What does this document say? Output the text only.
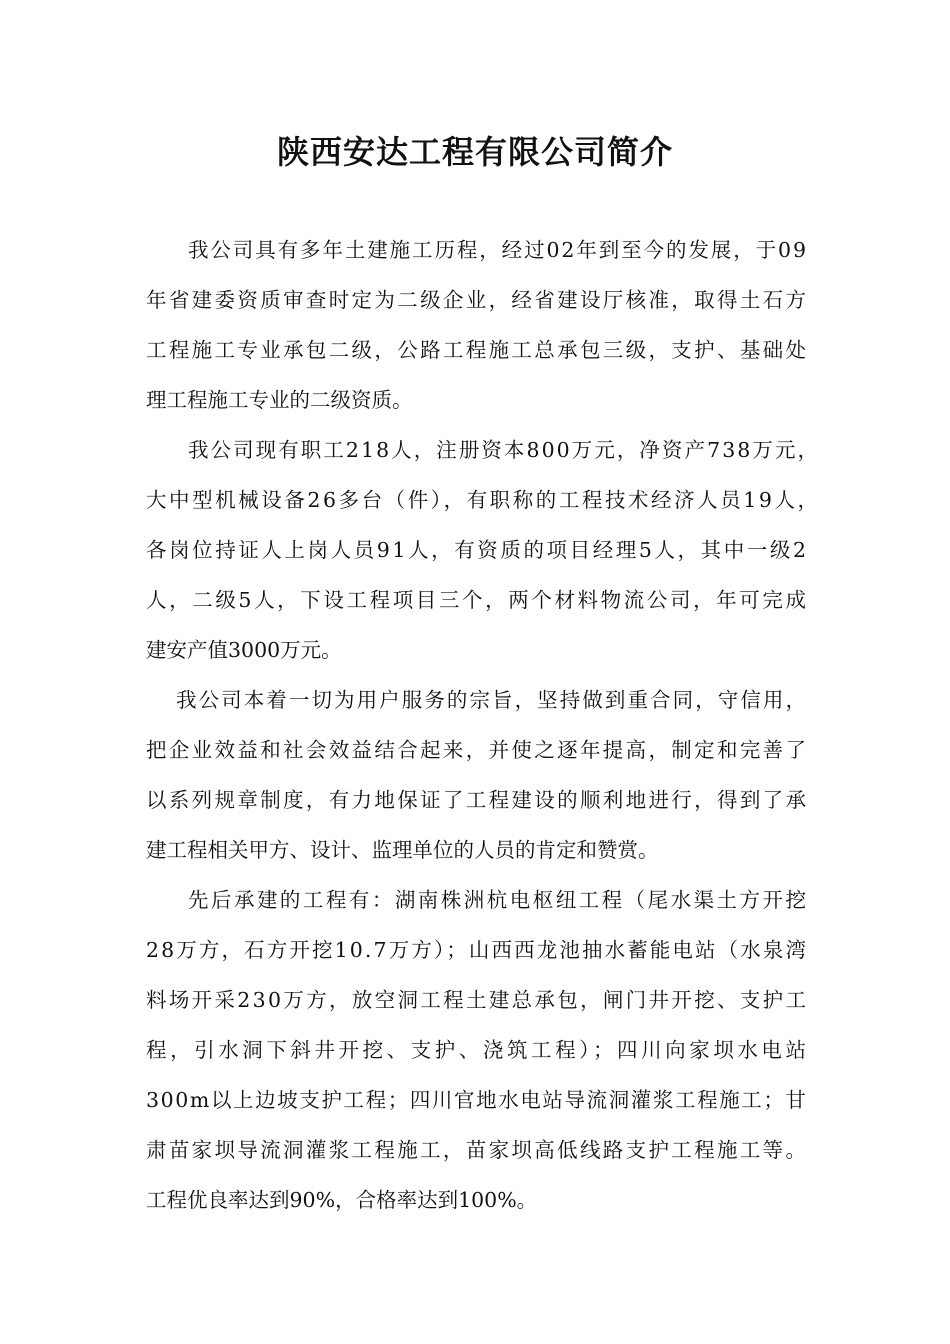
陕西安达工程有限公司简介
我公司具有多年土建施工历程，经过02年到至今的发展，于09
年省建委资质审查时定为二级企业，经省建设厅核准，取得土石方
工程施工专业承包二级，公路工程施工总承包三级，支护、基础处
理工程施工专业的二级资质。
我公司现有职工218人，注册资本800万元，净资产738万元，
大中型机械设备26多台（件），有职称的工程技术经济人员19人，
各岗位持证人上岗人员91人，有资质的项目经理5人，其中一级2
人，二级5人，下设工程项目三个，两个材料物流公司，年可完成
建安产值3000万元。
我公司本着一切为用户服务的宗旨，坚持做到重合同，守信用，
把企业效益和社会效益结合起来，并使之逐年提高，制定和完善了
以系列规章制度，有力地保证了工程建设的顺利地进行，得到了承
建工程相关甲方、设计、监理单位的人员的肯定和赞赏。
先后承建的工程有：湖南株洲杭电枢纽工程（尾水渠土方开挖
28万方，石方开挖10.7万方）；山西西龙池抽水蓄能电站（水泉湾
料场开采230万方，放空洞工程土建总承包，闸门井开挖、支护工
程，引水洞下斜井开挖、支护、浇筑工程）；四川向家坝水电站
300m以上边坡支护工程；四川官地水电站导流洞灌浆工程施工；甘
肃苗家坝导流洞灌浆工程施工，苗家坝高低线路支护工程施工等。
工程优良率达到90%，合格率达到100%。
